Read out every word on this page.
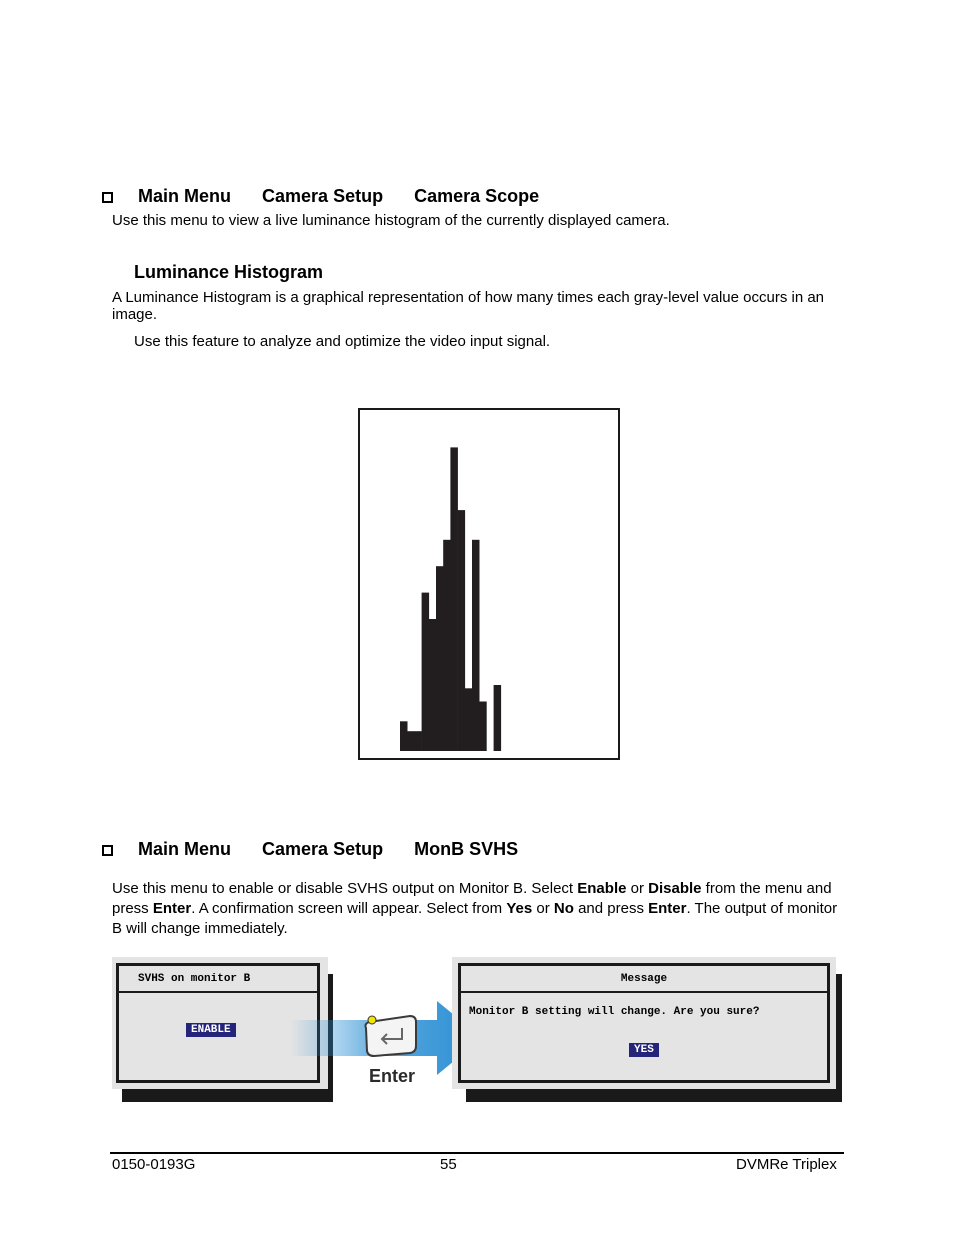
Main Menu Camera Setup Camera Scope
Use this menu to view a live luminance histogram of the currently displayed camera.
Luminance Histogram
A Luminance Histogram is a graphical representation of how many times each gray-level value occurs in an image.
Use this feature to analyze and optimize the video input signal.
Main Menu Camera Setup MonB SVHS
Use this menu to enable or disable SVHS output on Monitor B. Select Enable or Disable from the menu and press Enter. A confirmation screen will appear. Select from Yes or No and press Enter. The output of monitor B will change immediately.
SVHS on monitor B
ENABLE
Enter
Message
Monitor B setting will change. Are you sure?
YES
0150-0193G	55	DVMRe Triplex
